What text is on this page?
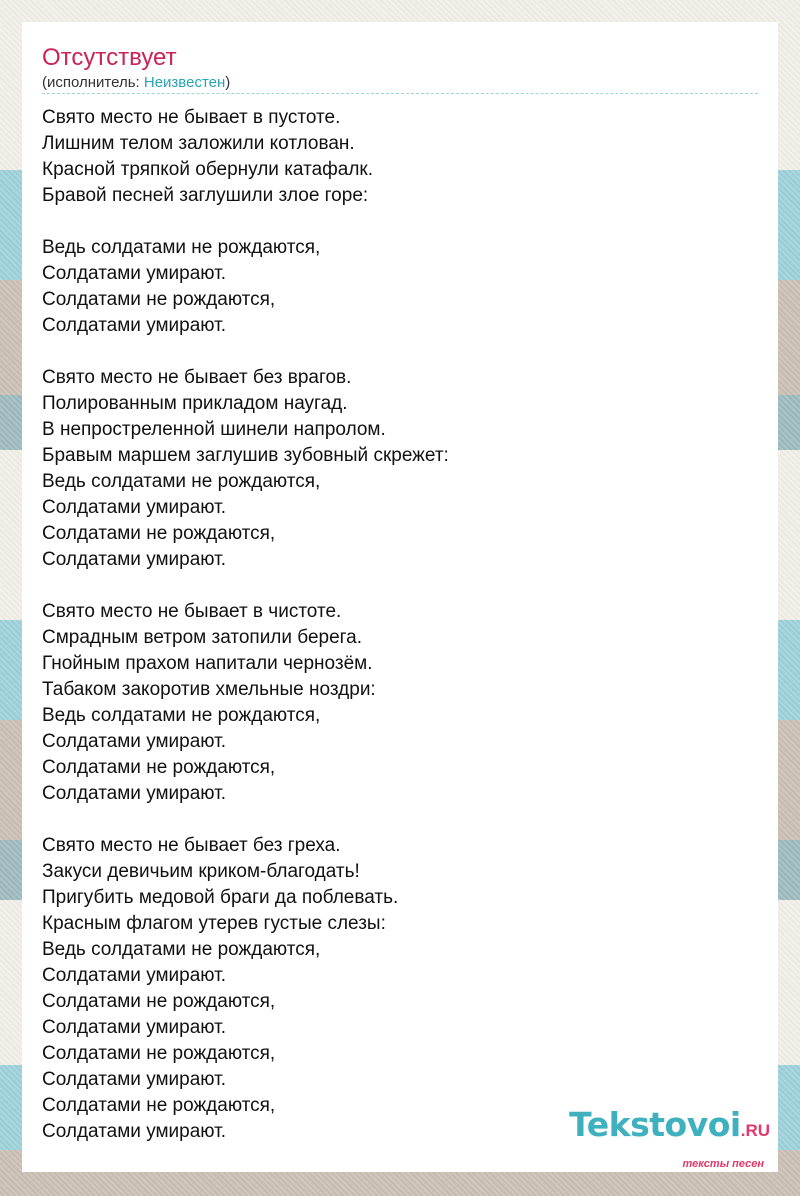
Отсутствует
(исполнитель: Неизвестен)
Свято место не бывает в пустоте.
Лишним телом заложили котлован.
Красной тряпкой обернули катафалк.
Бравой песней заглушили злое горе:
Ведь солдатами не рождаются,
Солдатами умирают.
Солдатами не рождаются,
Солдатами умирают.
Свято место не бывает без врагов.
Полированным прикладом наугад.
В непростреленной шинели напролом.
Бравым маршем заглушив зубовный скрежет:
Ведь солдатами не рождаются,
Солдатами умирают.
Солдатами не рождаются,
Солдатами умирают.
Свято место не бывает в чистоте.
Смрадным ветром затопили берега.
Гнойным прахом напитали чернозём.
Табаком закоротив хмельные ноздри:
Ведь солдатами не рождаются,
Солдатами умирают.
Солдатами не рождаются,
Солдатами умирают.
Свято место не бывает без греха.
Закуси девичьим криком-благодать!
Пригубить медовой браги да поблевать.
Красным флагом утерев густые слезы:
Ведь солдатами не рождаются,
Солдатами умирают.
Солдатами не рождаются,
Солдатами умирают.
Солдатами не рождаются,
Солдатами умирают.
Солдатами не рождаются,
Солдатами умирают.	Tekstovoi.RU
тексты песен
